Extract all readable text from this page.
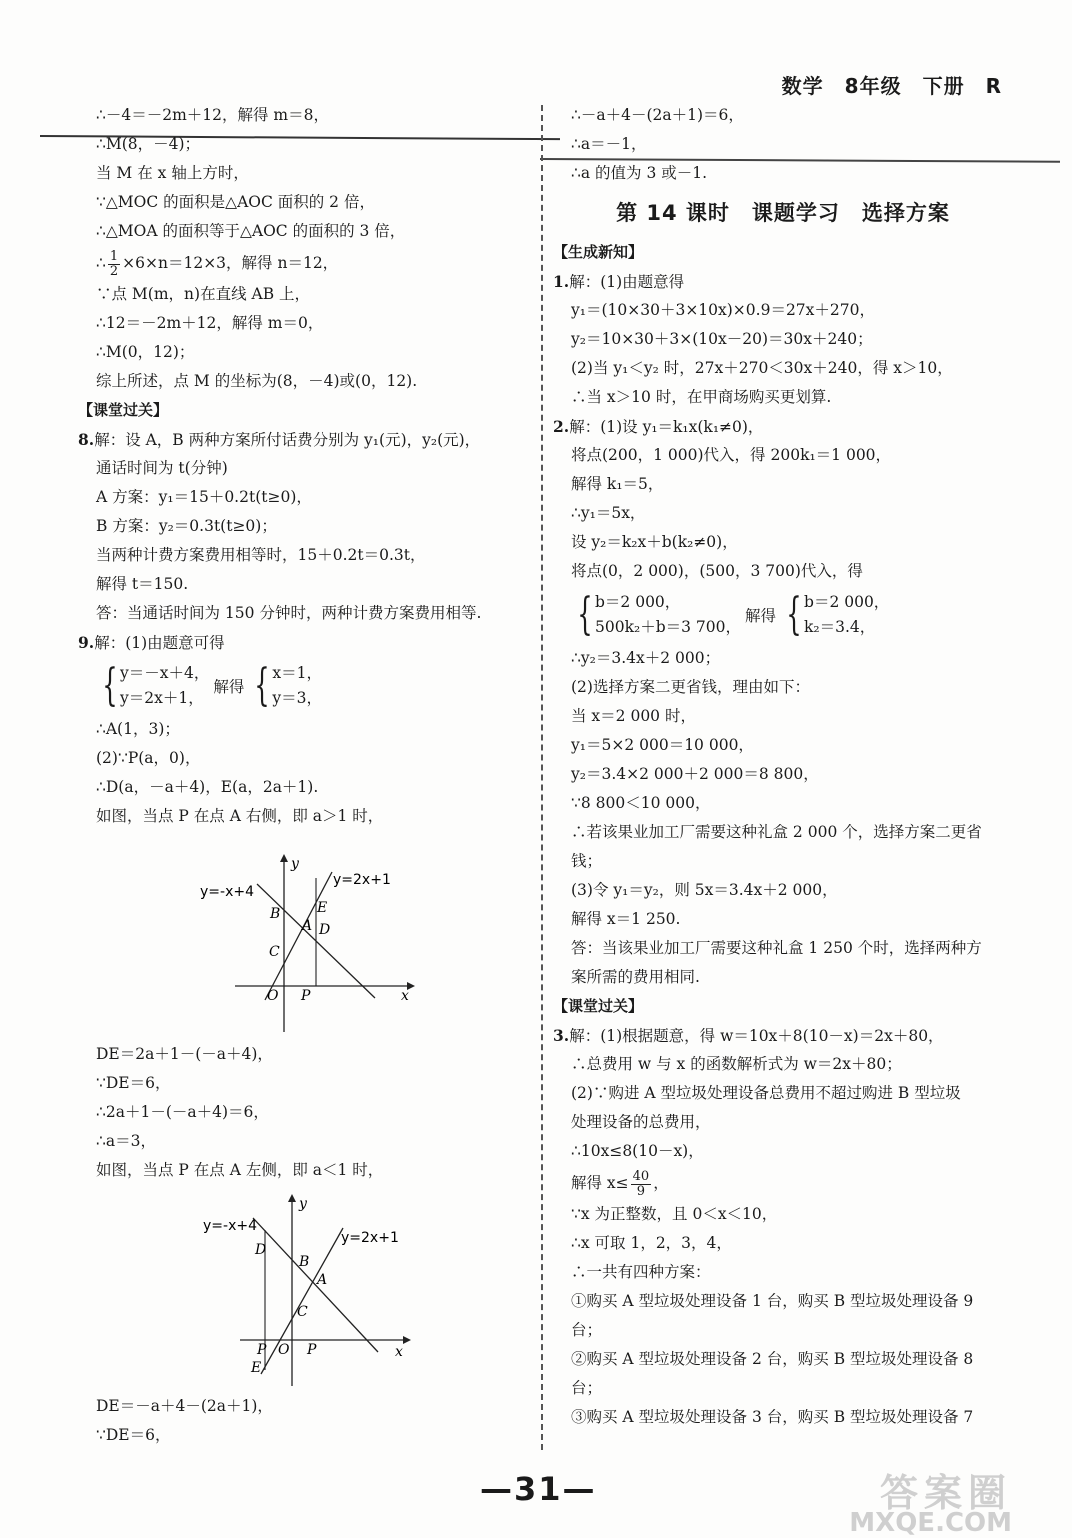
数学　8年级　下册　R
∴－4＝－2m＋12，解得 m＝8，
∴M(8，－4)；
当 M 在 x 轴上方时，
∵△MOC 的面积是△AOC 面积的 2 倍，
∴△MOA 的面积等于△AOC 的面积的 3 倍，
∴ $\frac{1}{2} \times 6\times n=12\times 3$，解得 n＝12，
∵点 M(m，n)在直线 AB 上，
∴12＝－2m＋12，解得 m＝0，
∴M(0，12)；
综上所述，点 M 的坐标为(8，－4)或(0，12).
【课堂过关】
8.解：设 A，B 两种方案所付话费分别为 y₁(元)，y₂(元)，
通话时间为 t(分钟)
A 方案：y₁＝15＋0.2t(t≥0)，
B 方案：y₂＝0.3t(t≥0)；
当两种计费方案费用相等时，15＋0.2t＝0.3t，
解得 t＝150.
答：当通话时间为 150 分钟时，两种计费方案费用相等.
9.解：(1)由题意可得
{ y＝－x＋4，
y＝2x＋1，
解得 { x＝1，
y＝3，
∴A(1，3)；
(2)∵P(a，0)，
∴D(a，－a＋4)，E(a，2a＋1).
如图，当点 P 在点 A 右侧，即 a＞1 时，
y=-x+4
y=2x+1
y
x
B
A
E
D
C
O P
DE＝2a＋1－(－a＋4)，
∵DE＝6，
∴2a＋1－(－a＋4)＝6，
∴a＝3，
如图，当点 P 在点 A 左侧，即 a＜1 时，
y=-x+4
y=2x+1
y
x
D
B
A
C
P O P
E
DE＝－a＋4－(2a＋1)，
∵DE＝6，
∴－a＋4－(2a＋1)＝6，
∴a＝－1，
∴a 的值为 3 或－1.
第 14 课时　课题学习　选择方案
【生成新知】
1.解：(1)由题意得
y₁＝(10×30＋3×10x)×0.9＝27x＋270，
y₂＝10×30＋3×(10x－20)＝30x＋240；
(2)当 y₁＜y₂ 时，27x＋270＜30x＋240，得 x＞10，
∴当 x＞10 时，在甲商场购买更划算.
2.解：(1)设 y₁＝k₁x(k₁≠0)，
将点(200，1 000)代入，得 200k₁＝1 000，
解得 k₁＝5，
∴y₁＝5x，
设 y₂＝k₂x＋b(k₂≠0)，
将点(0，2 000)，(500，3 700)代入，得
{ b＝2 000，
500k₂＋b＝3 700，
解得 { b＝2 000，
k₂＝3.4，
∴y₂＝3.4x＋2 000；
(2)选择方案二更省钱，理由如下：
当 x＝2 000 时，
y₁＝5×2 000＝10 000，
y₂＝3.4×2 000＋2 000＝8 800，
∵8 800＜10 000，
∴若该果业加工厂需要这种礼盒 2 000 个，选择方案二更省
钱；
(3)令 y₁＝y₂，则 5x＝3.4x＋2 000，
解得 x＝1 250.
答：当该果业加工厂需要这种礼盒 1 250 个时，选择两种方
案所需的费用相同.
【课堂过关】
3.解：(1)根据题意，得 w＝10x＋8(10－x)＝2x＋80，
∴总费用 w 与 x 的函数解析式为 w＝2x＋80；
(2)∵购进 A 型垃圾处理设备总费用不超过购进 B 型垃圾
处理设备的总费用，
∴10x≤8(10－x)，
解得 $x\le \frac{40}{9}$ ，
∵x 为正整数，且 0＜x＜10，
∴x 可取 1，2，3，4，
∴一共有四种方案：
①购买 A 型垃圾处理设备 1 台，购买 B 型垃圾处理设备 9
台；
②购买 A 型垃圾处理设备 2 台，购买 B 型垃圾处理设备 8
台；
③购买 A 型垃圾处理设备 3 台，购买 B 型垃圾处理设备 7
—31—	答案圈
MXQE.COM
